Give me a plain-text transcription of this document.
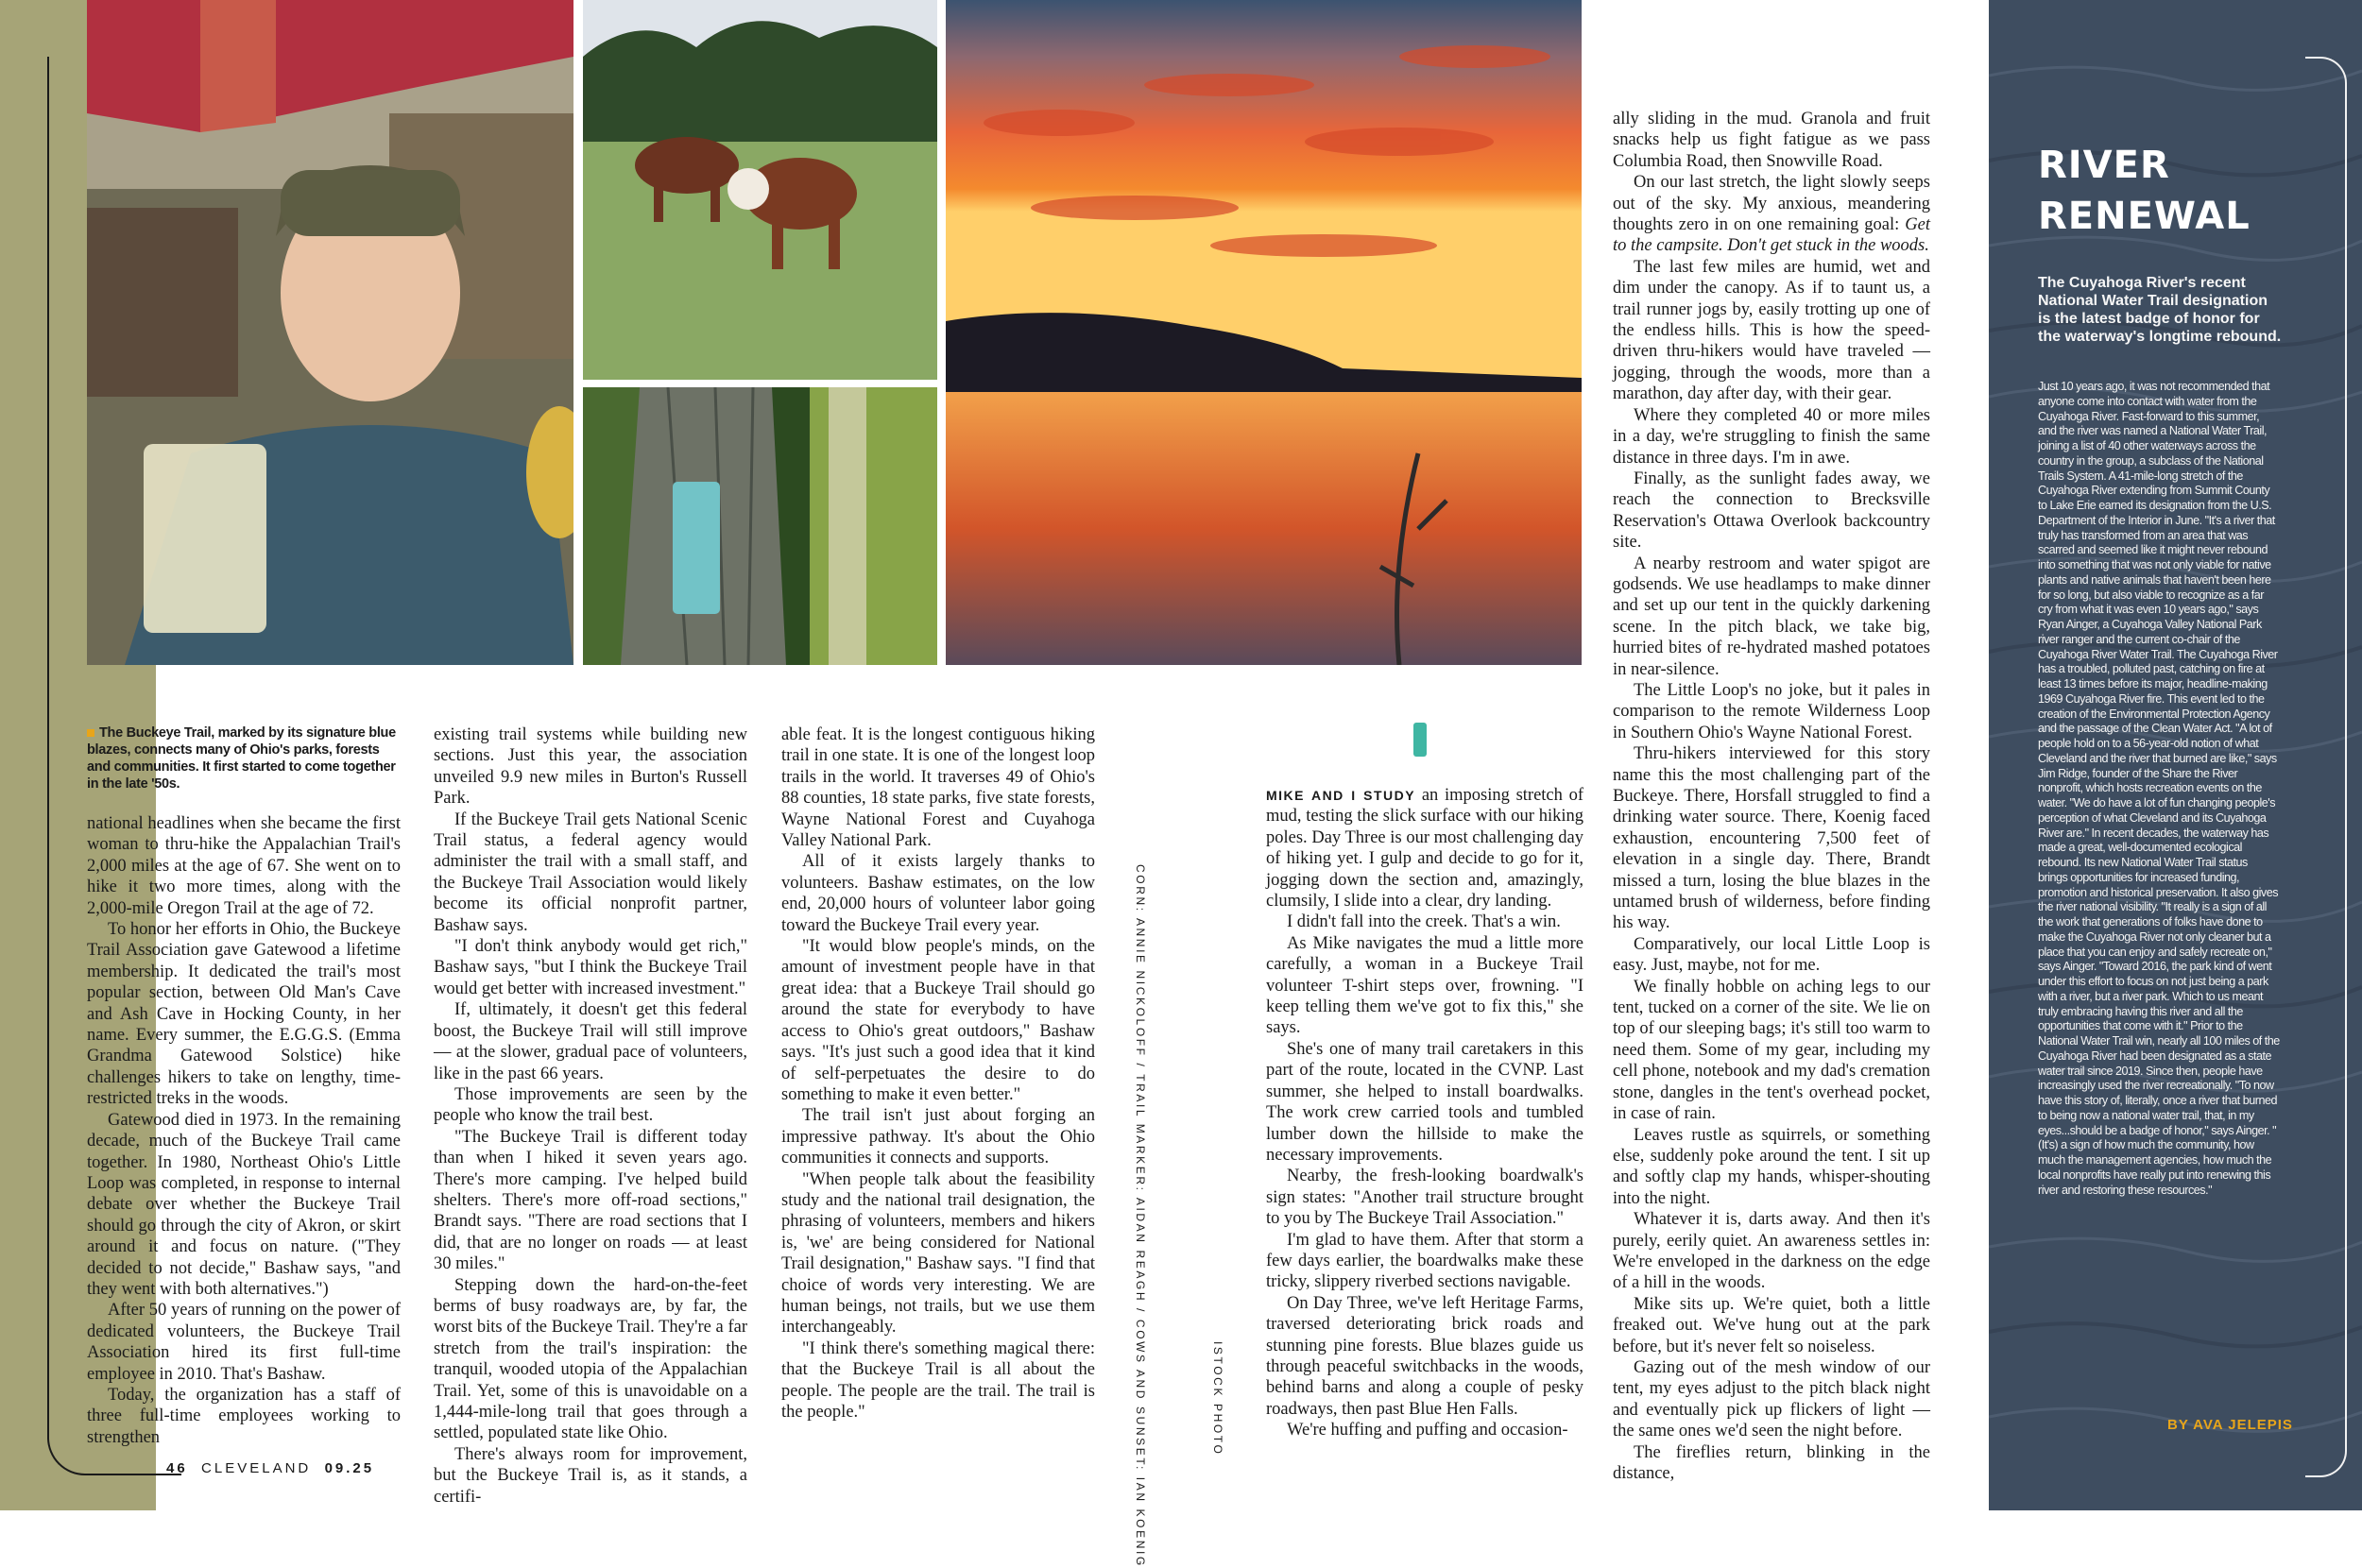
The Buckeye Trail, marked by its signature blue blazes, connects many of Ohio's parks, forests and communities. It first started to come together in the late '50s.

national headlines when she became the first woman to thru-hike the Appalachian Trail's 2,000 miles at the age of 67. She went on to hike it two more times, along with the 2,000-mile Oregon Trail at the age of 72.

To honor her efforts in Ohio, the Buckeye Trail Association gave Gatewood a lifetime membership. It dedicated the trail's most popular section, between Old Man's Cave and Ash Cave in Hocking County, in her name. Every summer, the E.G.G.S. (Emma Grandma Gatewood Solstice) hike challenges hikers to take on lengthy, time-restricted treks in the woods.

Gatewood died in 1973. In the remaining decade, much of the Buckeye Trail came together. In 1980, Northeast Ohio's Little Loop was completed, in response to internal debate over whether the Buckeye Trail should go through the city of Akron, or skirt around it and focus on nature. ("They decided to not decide," Bashaw says, "and they went with both alternatives.")

After 50 years of running on the power of dedicated volunteers, the Buckeye Trail Association hired its first full-time employee in 2010. That's Bashaw.

Today, the organization has a staff of three full-time employees working to strengthen

existing trail systems while building new sections. Just this year, the association unveiled 9.9 new miles in Burton's Russell Park.

If the Buckeye Trail gets National Scenic Trail status, a federal agency would administer the trail with a small staff, and the Buckeye Trail Association would likely become its official nonprofit partner, Bashaw says.

"I don't think anybody would get rich," Bashaw says, "but I think the Buckeye Trail would get better with increased investment."

If, ultimately, it doesn't get this federal boost, the Buckeye Trail will still improve — at the slower, gradual pace of volunteers, like in the past 66 years.

Those improvements are seen by the people who know the trail best.

"The Buckeye Trail is different today than when I hiked it seven years ago. There's more camping. I've helped build shelters. There's more off-road sections," Brandt says. "There are road sections that I did, that are no longer on roads — at least 30 miles."

Stepping down the hard-on-the-feet berms of busy roadways are, by far, the worst bits of the Buckeye Trail. They're a far stretch from the trail's inspiration: the tranquil, wooded utopia of the Appalachian Trail. Yet, some of this is unavoidable on a 1,444-mile-long trail that goes through a settled, populated state like Ohio.

There's always room for improvement, but the Buckeye Trail is, as it stands, a certifi-

able feat. It is the longest contiguous hiking trail in one state. It is one of the longest loop trails in the world. It traverses 49 of Ohio's 88 counties, 18 state parks, five state forests, Wayne National Forest and Cuyahoga Valley National Park.

All of it exists largely thanks to volunteers. Bashaw estimates, on the low end, 20,000 hours of volunteer labor going toward the Buckeye Trail every year.

"It would blow people's minds, on the amount of investment people have in that great idea: that a Buckeye Trail should go around the state for everybody to have access to Ohio's great outdoors," Bashaw says. "It's just such a good idea that it kind of self-perpetuates the desire to do something to make it even better."

The trail isn't just about forging an impressive pathway. It's about the Ohio communities it connects and supports.

"When people talk about the feasibility study and the national trail designation, the phrasing of volunteers, members and hikers is, 'we' are being considered for National Trail designation," Bashaw says. "I find that choice of words very interesting. We are human beings, not trails, but we use them interchangeably.

"I think there's something magical there: that the Buckeye Trail is all about the people. The people are the trail. The trail is the people."	CORN: ANNIE NICKOLOFF / TRAIL MARKER: AIDAN REAGH / COWS AND SUNSET: IAN KOENIG	ISTOCK PHOTO

MIKE AND I STUDY an imposing stretch of mud, testing the slick surface with our hiking poles. Day Three is our most challenging day of hiking yet. I gulp and decide to go for it, jogging down the section and, amazingly, clumsily, I slide into a clear, dry landing.

I didn't fall into the creek. That's a win.

As Mike navigates the mud a little more carefully, a woman in a Buckeye Trail volunteer T-shirt steps over, frowning. "I keep telling them we've got to fix this," she says.

She's one of many trail caretakers in this part of the route, located in the CVNP. Last summer, she helped to install boardwalks. The work crew carried tools and tumbled lumber down the hillside to make the necessary improvements.

Nearby, the fresh-looking boardwalk's sign states: "Another trail structure brought to you by The Buckeye Trail Association."

I'm glad to have them. After that storm a few days earlier, the boardwalks make these tricky, slippery riverbed sections navigable.

On Day Three, we've left Heritage Farms, traversed deteriorating brick roads and stunning pine forests. Blue blazes guide us through peaceful switchbacks in the woods, behind barns and along a couple of pesky roadways, then past Blue Hen Falls.

We're huffing and puffing and occasion-

ally sliding in the mud. Granola and fruit snacks help us fight fatigue as we pass Columbia Road, then Snowville Road.

On our last stretch, the light slowly seeps out of the sky. My anxious, meandering thoughts zero in on one remaining goal: Get to the campsite. Don't get stuck in the woods.

The last few miles are humid, wet and dim under the canopy. As if to taunt us, a trail runner jogs by, easily trotting up one of the endless hills. This is how the speed-driven thru-hikers would have traveled — jogging, through the woods, more than a marathon, day after day, with their gear.

Where they completed 40 or more miles in a day, we're struggling to finish the same distance in three days. I'm in awe.

Finally, as the sunlight fades away, we reach the connection to Brecksville Reservation's Ottawa Overlook backcountry site.

A nearby restroom and water spigot are godsends. We use headlamps to make dinner and set up our tent in the quickly darkening scene. In the pitch black, we take big, hurried bites of re-hydrated mashed potatoes in near-silence.

The Little Loop's no joke, but it pales in comparison to the remote Wilderness Loop in Southern Ohio's Wayne National Forest.

Thru-hikers interviewed for this story name this the most challenging part of the Buckeye. There, Horsfall struggled to find a drinking water source. There, Koenig faced exhaustion, encountering 7,500 feet of elevation in a single day. There, Brandt missed a turn, losing the blue blazes in the untamed brush of wilderness, before finding his way.

Comparatively, our local Little Loop is easy. Just, maybe, not for me.

We finally hobble on aching legs to our tent, tucked on a corner of the site. We lie on top of our sleeping bags; it's still too warm to need them. Some of my gear, including my cell phone, notebook and my dad's cremation stone, dangles in the tent's overhead pocket, in case of rain.

Leaves rustle as squirrels, or something else, suddenly poke around the tent. I sit up and softly clap my hands, whisper-shouting into the night.

Whatever it is, darts away. And then it's purely, eerily quiet. An awareness settles in: We're enveloped in the darkness on the edge of a hill in the woods.

Mike sits up. We're quiet, both a little freaked out. We've hung out at the park before, but it's never felt so noiseless.

Gazing out of the mesh window of our tent, my eyes adjust to the pitch black night and eventually pick up flickers of light — the same ones we'd seen the night before.

The fireflies return, blinking in the distance,

46 CLEVELAND 09.25
RIVER
RENEWAL
The Cuyahoga River's recent National Water Trail designation is the latest badge of honor for the waterway's longtime rebound.
Just 10 years ago, it was not recommended that anyone come into contact with water from the Cuyahoga River. Fast-forward to this summer, and the river was named a National Water Trail, joining a list of 40 other waterways across the country in the group, a subclass of the National Trails System. A 41-mile-long stretch of the Cuyahoga River extending from Summit County to Lake Erie earned its designation from the U.S. Department of the Interior in June. "It's a river that truly has transformed from an area that was scarred and seemed like it might never rebound into something that was not only viable for native plants and native animals that haven't been here for so long, but also viable to recognize as a far cry from what it was even 10 years ago," says Ryan Ainger, a Cuyahoga Valley National Park river ranger and the current co-chair of the Cuyahoga River Water Trail. The Cuyahoga River has a troubled, polluted past, catching on fire at least 13 times before its major, headline-making 1969 Cuyahoga River fire. This event led to the creation of the Environmental Protection Agency and the passage of the Clean Water Act. "A lot of people hold on to a 56-year-old notion of what Cleveland and the river that burned are like," says Jim Ridge, founder of the Share the River nonprofit, which hosts recreation events on the water. "We do have a lot of fun changing people's perception of what Cleveland and its Cuyahoga River are." In recent decades, the waterway has made a great, well-documented ecological rebound. Its new National Water Trail status brings opportunities for increased funding, promotion and historical preservation. It also gives the river national visibility. "It really is a sign of all the work that generations of folks have done to make the Cuyahoga River not only cleaner but a place that you can enjoy and safely recreate on," says Ainger. "Toward 2016, the park kind of went under this effort to focus on not just being a park with a river, but a river park. Which to us meant truly embracing having this river and all the opportunities that come with it." Prior to the National Water Trail win, nearly all 100 miles of the Cuyahoga River had been designated as a state water trail since 2019. Since then, people have increasingly used the river recreationally. "To now have this story of, literally, once a river that burned to being now a national water trail, that, in my eyes...should be a badge of honor," says Ainger. "(It's) a sign of how much the community, how much the management agencies, how much the local nonprofits have really put into renewing this river and restoring these resources."
BY AVA JELEPIS
